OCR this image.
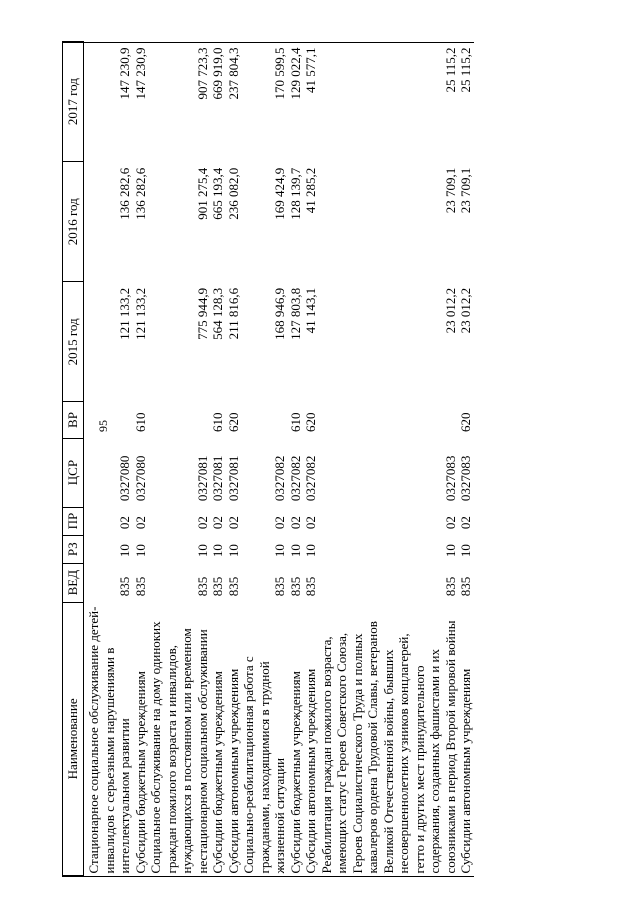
95
Наименование	ВЕД	РЗ	ПР	ЦСР	ВР	2015 год	2016 год	2017 год
Стационарное социальное обслуживание детей-инвалидов с серьезными нарушениями в интеллектуальном развитии	835	10	02	0327080		121 133,2	136 282,6	147 230,9
Субсидии бюджетным учреждениям	835	10	02	0327080	610	121 133,2	136 282,6	147 230,9
Социальное обслуживание на дому одиноких граждан пожилого возраста и инвалидов, нуждающихся в постоянном или временном нестационарном социальном обслуживании	835	10	02	0327081		775 944,9	901 275,4	907 723,3
Субсидии бюджетным учреждениям	835	10	02	0327081	610	564 128,3	665 193,4	669 919,0
Субсидии автономным учреждениям	835	10	02	0327081	620	211 816,6	236 082,0	237 804,3
Социально-реабилитационная работа с гражданами, находящимися в трудной жизненной ситуации	835	10	02	0327082		168 946,9	169 424,9	170 599,5
Субсидии бюджетным учреждениям	835	10	02	0327082	610	127 803,8	128 139,7	129 022,4
Субсидии автономным учреждениям	835	10	02	0327082	620	41 143,1	41 285,2	41 577,1
Реабилитация граждан пожилого возраста, имеющих статус Героев Советского Союза, Героев Социалистического Труда и полных кавалеров ордена Трудовой Славы, ветеранов Великой Отечественной войны, бывших несовершеннолетних узников концлагерей, гетто и других мест принудительного содержания, созданных фашистами и их союзниками в период Второй мировой войны	835	10	02	0327083		23 012,2	23 709,1	25 115,2
Субсидии автономным учреждениям	835	10	02	0327083	620	23 012,2	23 709,1	25 115,2
